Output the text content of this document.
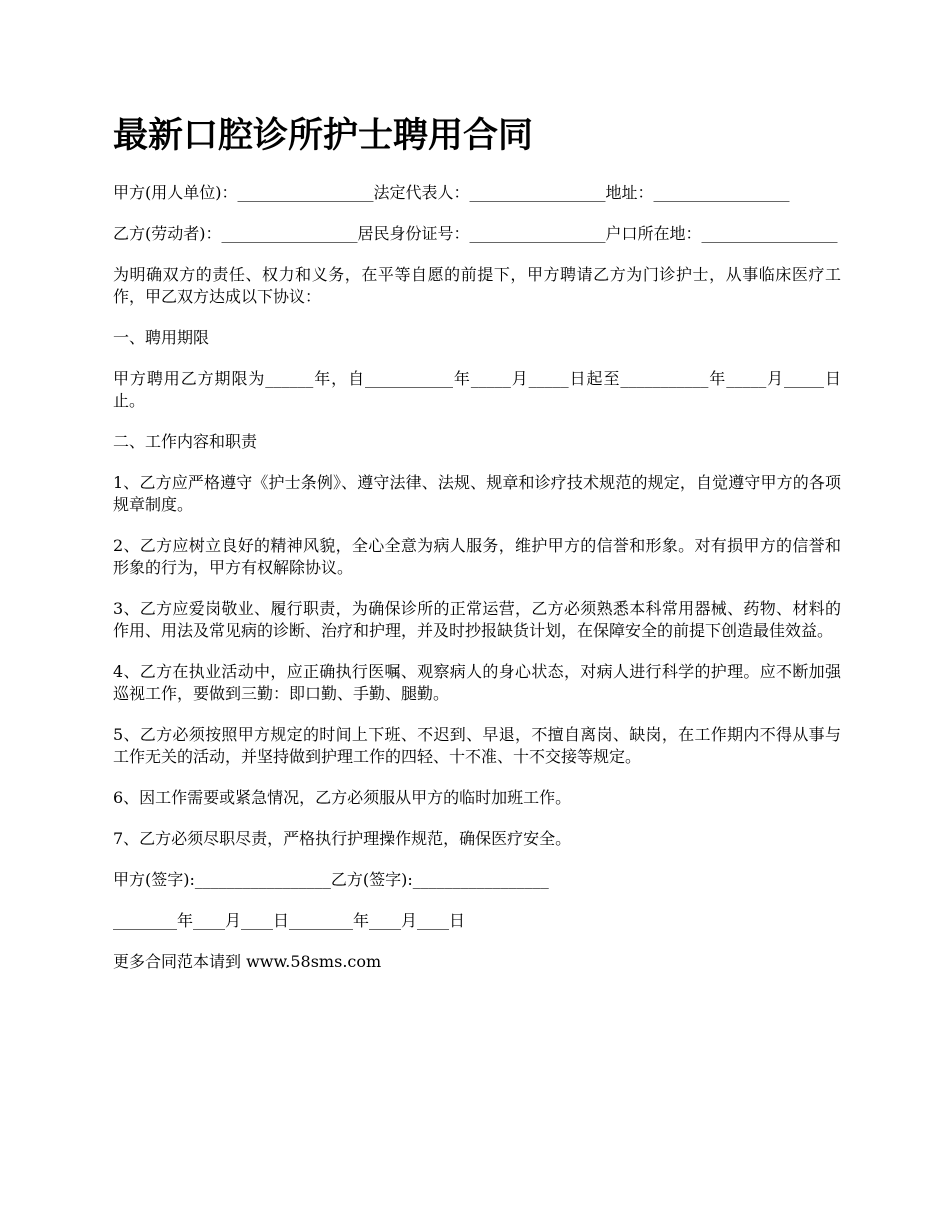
最新口腔诊所护士聘用合同

甲方(用人单位)：_________________法定代表人：_________________地址：_________________

乙方(劳动者)：_________________居民身份证号：_________________户口所在地：_________________

为明确双方的责任、权力和义务，在平等自愿的前提下，甲方聘请乙方为门诊护士，从事临床医疗工作，甲乙双方达成以下协议：

一、聘用期限

甲方聘用乙方期限为______年，自___________年_____月_____日起至___________年_____月_____日止。

二、工作内容和职责

1、乙方应严格遵守《护士条例》、遵守法律、法规、规章和诊疗技术规范的规定，自觉遵守甲方的各项规章制度。

2、乙方应树立良好的精神风貌，全心全意为病人服务，维护甲方的信誉和形象。对有损甲方的信誉和形象的行为，甲方有权解除协议。

3、乙方应爱岗敬业、履行职责，为确保诊所的正常运营，乙方必须熟悉本科常用器械、药物、材料的作用、用法及常见病的诊断、治疗和护理，并及时抄报缺货计划，在保障安全的前提下创造最佳效益。

4、乙方在执业活动中，应正确执行医嘱、观察病人的身心状态，对病人进行科学的护理。应不断加强巡视工作，要做到三勤：即口勤、手勤、腿勤。

5、乙方必须按照甲方规定的时间上下班、不迟到、早退，不擅自离岗、缺岗，在工作期内不得从事与工作无关的活动，并坚持做到护理工作的四轻、十不准、十不交接等规定。

6、因工作需要或紧急情况，乙方必须服从甲方的临时加班工作。

7、乙方必须尽职尽责，严格执行护理操作规范，确保医疗安全。

甲方(签字):_________________乙方(签字):_________________

________年____月____日________年____月____日

更多合同范本请到 www.58sms.com
